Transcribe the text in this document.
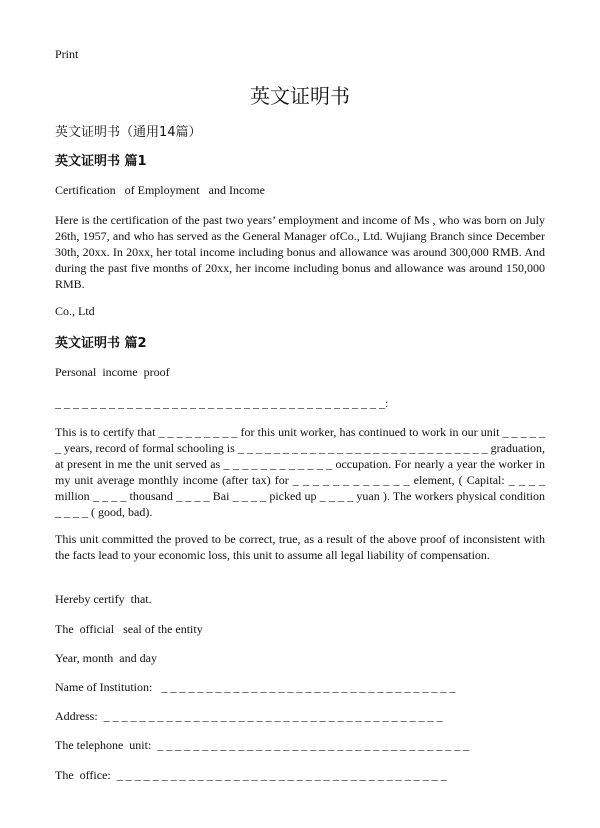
Print
英文证明书
英文证明书（通用14篇）
英文证明书 篇1
Certification   of Employment   and Income
Here is the certification of the past two years’ employment and income of Ms , who was born on July 26th, 1957, and who has served as the General Manager ofCo., Ltd. Wujiang Branch since December 30th, 20xx. In 20xx, her total income including bonus and allowance was around 300,000 RMB. And during the past five months of 20xx, her income including bonus and allowance was around 150,000 RMB.
Co., Ltd
英文证明书 篇2
Personal  income  proof
_ _ _ _ _ _ _ _ _ _ _ _ _ _ _ _ _ _ _ _ _ _ _ _ _ _ _ _ _ _ _ _ _ _ _ _ _:
This is to certify that _ _ _ _ _ _ _ _ _ for this unit worker, has continued to work in our unit _ _ _ _ _ _ years, record of formal schooling is _ _ _ _ _ _ _ _ _ _ _ _ _ _ _ _ _ _ _ _ _ _ _ _ _ _ _ _ graduation, at present in me the unit served as _ _ _ _ _ _ _ _ _ _ _ _ occupation. For nearly a year the worker in my unit average monthly income (after tax) for _ _ _ _ _ _ _ _ _ _ _ _ element, ( Capital: _ _ _ _ million _ _ _ _ thousand _ _ _ _ Bai _ _ _ _ picked up _ _ _ _ yuan ). The workers physical condition _ _ _ _ ( good, bad).
This unit committed the proved to be correct, true, as a result of the above proof of inconsistent with the facts lead to your economic loss, this unit to assume all legal liability of compensation.
Hereby certify  that.
The  official   seal of the entity
Year, month  and day
Name of Institution:   _ _ _ _ _ _ _ _ _ _ _ _ _ _ _ _ _ _ _ _ _ _ _ _ _ _ _ _ _ _ _ _ _
Address:  _ _ _ _ _ _ _ _ _ _ _ _ _ _ _ _ _ _ _ _ _ _ _ _ _ _ _ _ _ _ _ _ _ _ _ _ _ _
The telephone  unit:  _ _ _ _ _ _ _ _ _ _ _ _ _ _ _ _ _ _ _ _ _ _ _ _ _ _ _ _ _ _ _ _ _ _ _
The  office:  _ _ _ _ _ _ _ _ _ _ _ _ _ _ _ _ _ _ _ _ _ _ _ _ _ _ _ _ _ _ _ _ _ _ _ _ _
